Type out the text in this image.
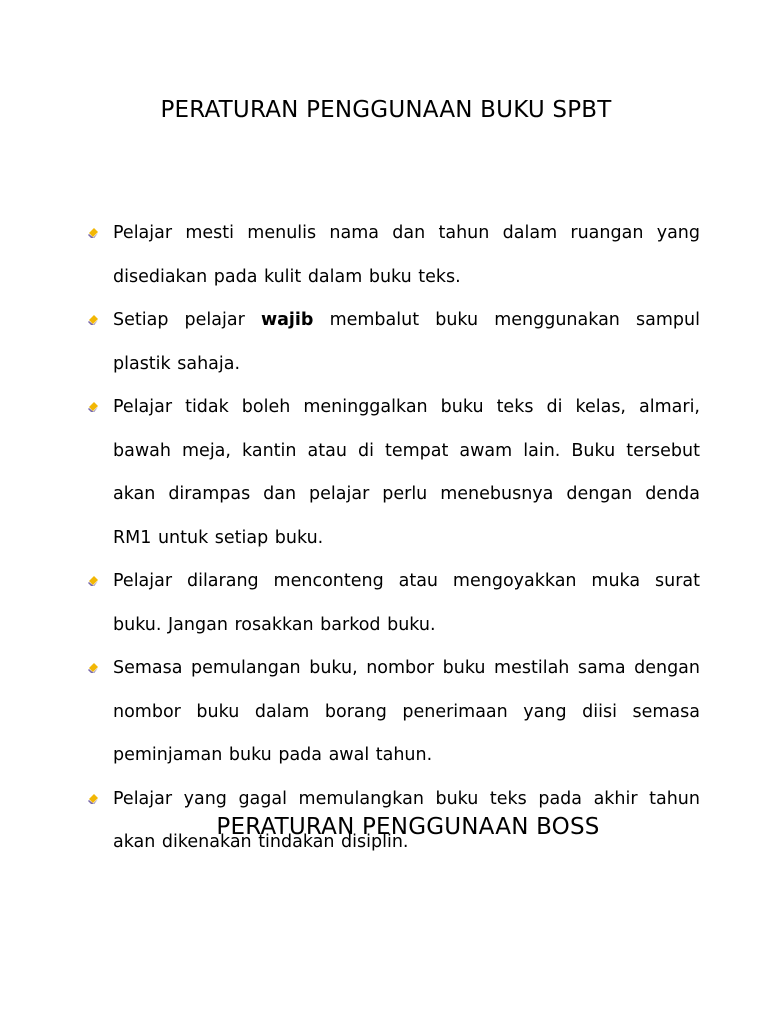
PERATURAN PENGGUNAAN BUKU SPBT
Pelajar mesti menulis nama dan tahun dalam ruangan yang disediakan pada kulit dalam buku teks.
Setiap pelajar wajib membalut buku menggunakan sampul plastik sahaja.
Pelajar tidak boleh meninggalkan buku teks di kelas, almari, bawah meja, kantin atau di tempat awam lain. Buku tersebut akan dirampas dan pelajar perlu menebusnya dengan denda RM1 untuk setiap buku.
Pelajar dilarang menconteng atau mengoyakkan muka surat buku. Jangan rosakkan barkod buku.
Semasa pemulangan buku, nombor buku mestilah sama dengan nombor buku dalam borang penerimaan yang diisi semasa peminjaman buku pada awal tahun.
Pelajar yang gagal memulangkan buku teks pada akhir tahun akan dikenakan tindakan disiplin.
PERATURAN PENGGUNAAN BOSS
